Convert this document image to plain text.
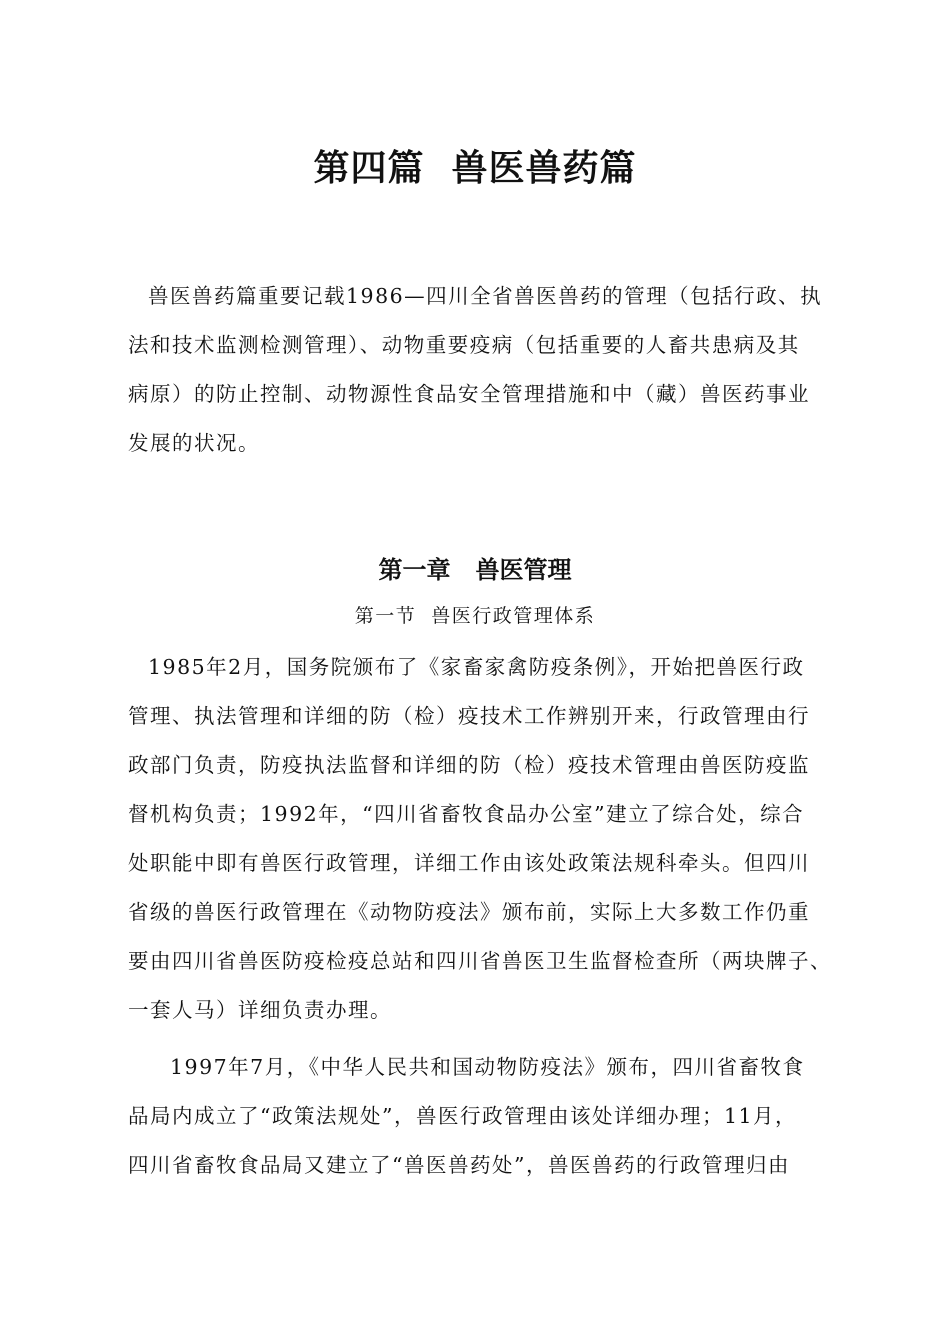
第四篇  兽医兽药篇
兽医兽药篇重要记载1986—四川全省兽医兽药的管理（包括行政、执
法和技术监测检测管理）、动物重要疫病（包括重要的人畜共患病及其
病原）的防止控制、动物源性食品安全管理措施和中（藏）兽医药事业
发展的状况。
第一章   兽医管理
第一节  兽医行政管理体系
1985年2月，国务院颁布了《家畜家禽防疫条例》，开始把兽医行政
管理、执法管理和详细的防（检）疫技术工作辨别开来，行政管理由行
政部门负责，防疫执法监督和详细的防（检）疫技术管理由兽医防疫监
督机构负责；1992年，“四川省畜牧食品办公室”建立了综合处，综合
处职能中即有兽医行政管理，详细工作由该处政策法规科牵头。但四川
省级的兽医行政管理在《动物防疫法》颁布前，实际上大多数工作仍重
要由四川省兽医防疫检疫总站和四川省兽医卫生监督检查所（两块牌子、
一套人马）详细负责办理。
1997年7月，《中华人民共和国动物防疫法》颁布，四川省畜牧食
品局内成立了“政策法规处”，兽医行政管理由该处详细办理；11月，
四川省畜牧食品局又建立了“兽医兽药处”，兽医兽药的行政管理归由
